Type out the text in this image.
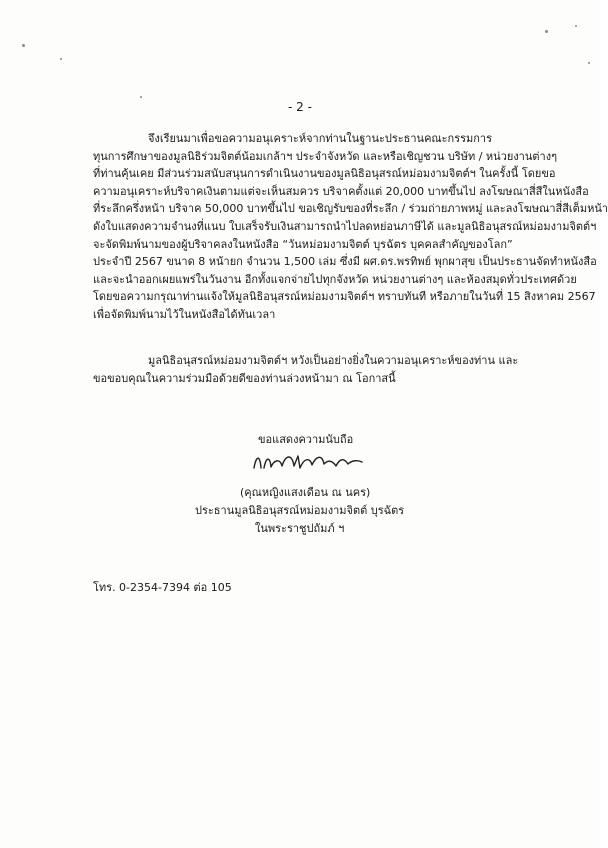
- 2 -
จึงเรียนมาเพื่อขอความอนุเคราะห์จากท่านในฐานะประธานคณะกรรมการ
ทุนการศึกษาของมูลนิธิร่วมจิตต์น้อมเกล้าฯ ประจำจังหวัด และหรือเชิญชวน บริษัท / หน่วยงานต่างๆ
ที่ท่านคุ้นเคย มีส่วนร่วมสนับสนุนการดำเนินงานของมูลนิธิอนุสรณ์หม่อมงามจิตต์ฯ ในครั้งนี้ โดยขอ
ความอนุเคราะห์บริจาคเงินตามแต่จะเห็นสมควร บริจาคตั้งแต่ 20,000 บาทขึ้นไป ลงโฆษณาสี่สีในหนังสือ
ที่ระลึกครึ่งหน้า บริจาค 50,000 บาทขึ้นไป ขอเชิญรับของที่ระลึก / ร่วมถ่ายภาพหมู่ และลงโฆษณาสี่สีเต็มหน้า
ดังใบแสดงความจำนงที่แนบ ใบเสร็จรับเงินสามารถนำไปลดหย่อนภาษีได้ และมูลนิธิอนุสรณ์หม่อมงามจิตต์ฯ
จะจัดพิมพ์นามของผู้บริจาคลงในหนังสือ “วันหม่อมงามจิตต์ บุรฉัตร บุคคลสำคัญของโลก”
ประจำปี 2567 ขนาด 8 หน้ายก จำนวน 1,500 เล่ม ซึ่งมี ผศ.ดร.พรทิพย์ พุกผาสุข เป็นประธานจัดทำหนังสือ
และจะนำออกเผยแพร่ในวันงาน อีกทั้งแจกจ่ายไปทุกจังหวัด หน่วยงานต่างๆ และห้องสมุดทั่วประเทศด้วย
โดยขอความกรุณาท่านแจ้งให้มูลนิธิอนุสรณ์หม่อมงามจิตต์ฯ ทราบทันที หรือภายในวันที่ 15 สิงหาคม 2567
เพื่อจัดพิมพ์นามไว้ในหนังสือได้ทันเวลา
มูลนิธิอนุสรณ์หม่อมงามจิตต์ฯ หวังเป็นอย่างยิ่งในความอนุเคราะห์ของท่าน และ
ขอขอบคุณในความร่วมมือด้วยดีของท่านล่วงหน้ามา ณ โอกาสนี้
ขอแสดงความนับถือ
(คุณหญิงแสงเดือน ณ นคร)
ประธานมูลนิธิอนุสรณ์หม่อมงามจิตต์ บุรฉัตร
ในพระราชูปถัมภ์ ฯ
โทร. 0-2354-7394 ต่อ 105
